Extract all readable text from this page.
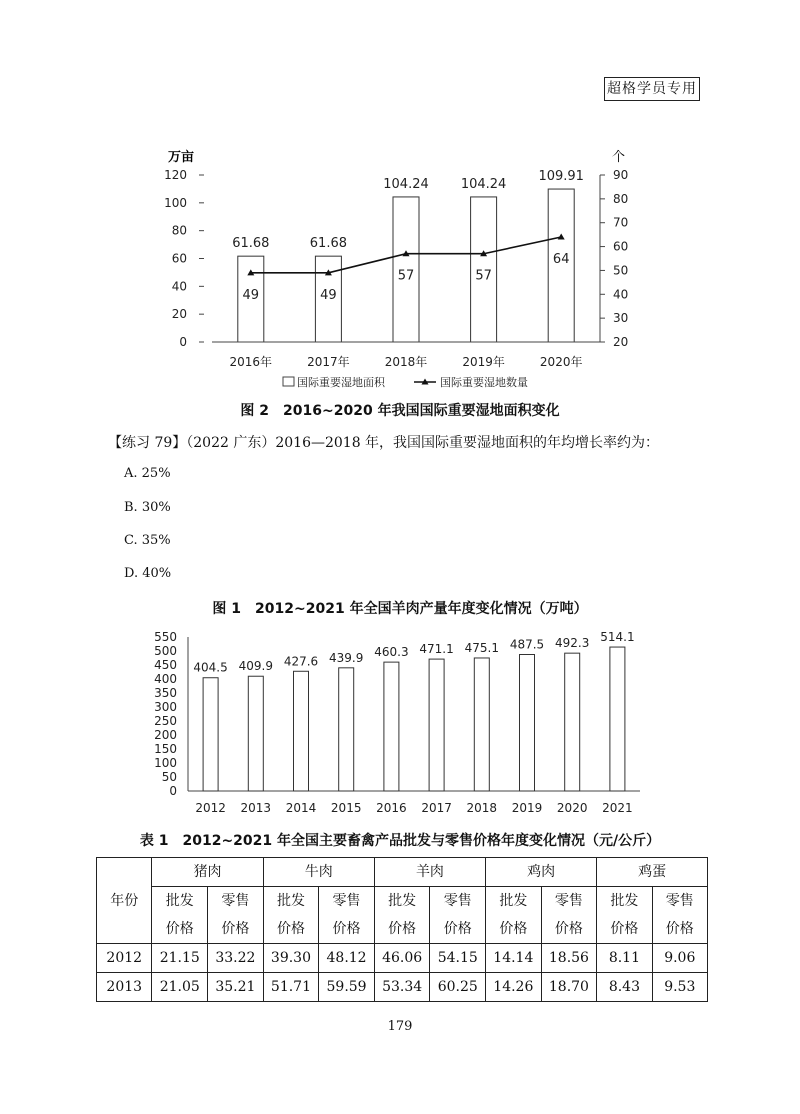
超格学员专用
万亩	个
0
20
40
60
80
100
120
20
30
40
50
60
70
80
90
61.68	61.68
104.24 104.24
109.91
49	49
57	57
64
2016年	2017年	2018年	2019年	2020年
国际重要湿地面积	国际重要湿地数量
图 2　2016~2020 年我国国际重要湿地面积变化
【练习 79】（2022 广东）2016—2018 年，我国国际重要湿地面积的年均增长率约为：
A. 25%
B. 30%
C. 35%
D. 40%
图 1　2012~2021 年全国羊肉产量年度变化情况（万吨）
0
50
100
150
200
250
300
350
400
450
500
550
404.5 409.9 427.6 439.9 460.3 471.1 475.1 487.5 492.3 514.1
2012 2013 2014 2015 2016 2017 2018 2019 2020 2021
表 1　2012~2021 年全国主要畜禽产品批发与零售价格年度变化情况（元/公斤）
年份	猪肉		牛肉		羊肉		鸡肉		鸡蛋	
	批发	零售	批发	零售	批发	零售	批发	零售	批发	零售
	价格	价格	价格	价格	价格	价格	价格	价格	价格	价格
2012	21.15	33.22	39.30	48.12	46.06	54.15	14.14	18.56	8.11	9.06
2013	21.05	35.21	51.71	59.59	53.34	60.25	14.26	18.70	8.43	9.53
179
